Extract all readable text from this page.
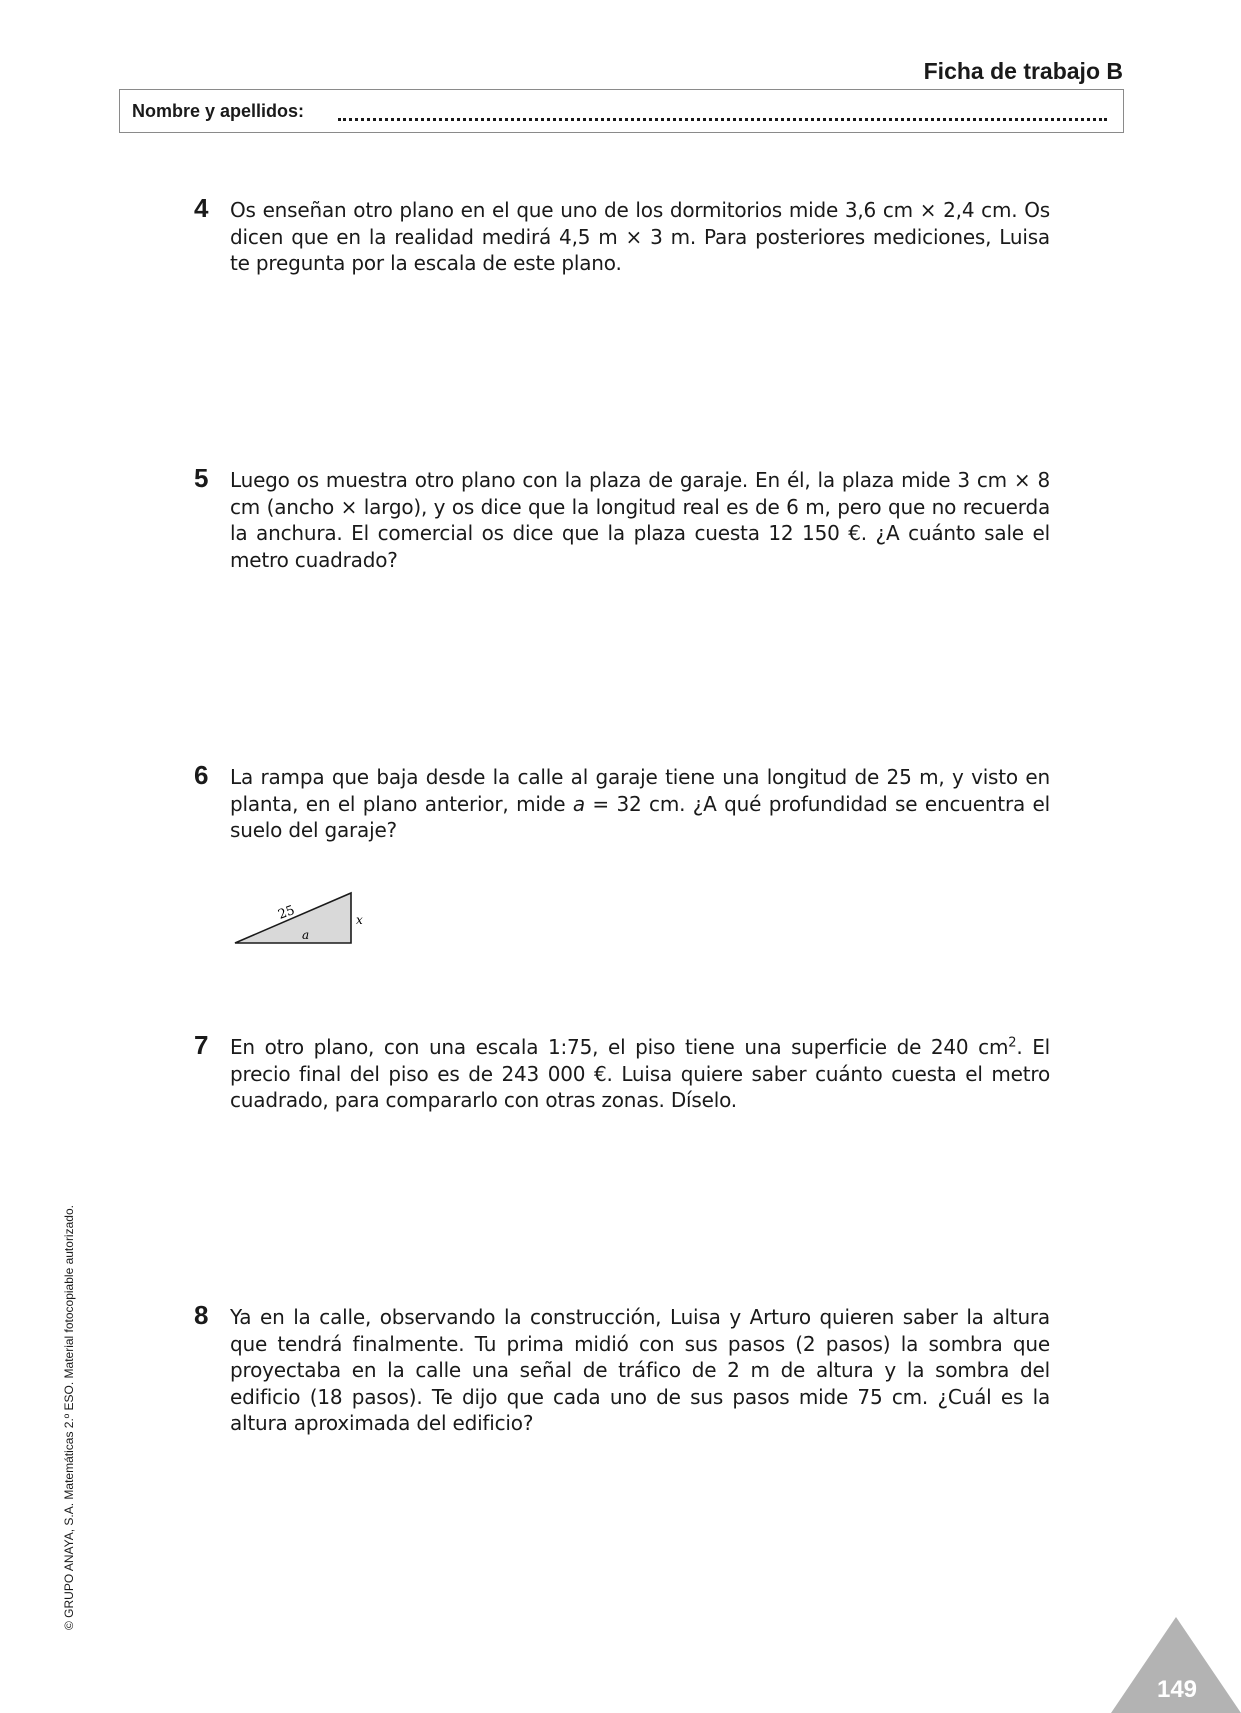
Ficha de trabajo B
Nombre y apellidos:
4 Os enseñan otro plano en el que uno de los dormitorios mide 3,6 cm × 2,4 cm. Os dicen que en la realidad medirá 4,5 m × 3 m. Para posteriores mediciones, Luisa te pregunta por la escala de este plano.
5 Luego os muestra otro plano con la plaza de garaje. En él, la plaza mide 3 cm × 8 cm (ancho × largo), y os dice que la longitud real es de 6 m, pero que no recuerda la anchura. El comercial os dice que la plaza cuesta 12 150 €. ¿A cuánto sale el metro cuadrado?
6 La rampa que baja desde la calle al garaje tiene una longitud de 25 m, y visto en planta, en el plano anterior, mide a = 32 cm. ¿A qué profundidad se encuentra el suelo del garaje?
25
a
x
7 En otro plano, con una escala 1:75, el piso tiene una superficie de 240 $cm^2$. El precio final del piso es de 243 000 €. Luisa quiere saber cuánto cuesta el metro cuadrado, para compararlo con otras zonas. Díselo.
8 Ya en la calle, observando la construcción, Luisa y Arturo quieren saber la altura que tendrá finalmente. Tu prima midió con sus pasos (2 pasos) la sombra que proyectaba en la calle una señal de tráfico de 2 m de altura y la sombra del edificio (18 pasos). Te dijo que cada uno de sus pasos mide 75 cm. ¿Cuál es la altura aproximada del edificio?
© GRUPO ANAYA, S.A. Matemáticas 2.º ESO. Material fotocopiable autorizado.
149
